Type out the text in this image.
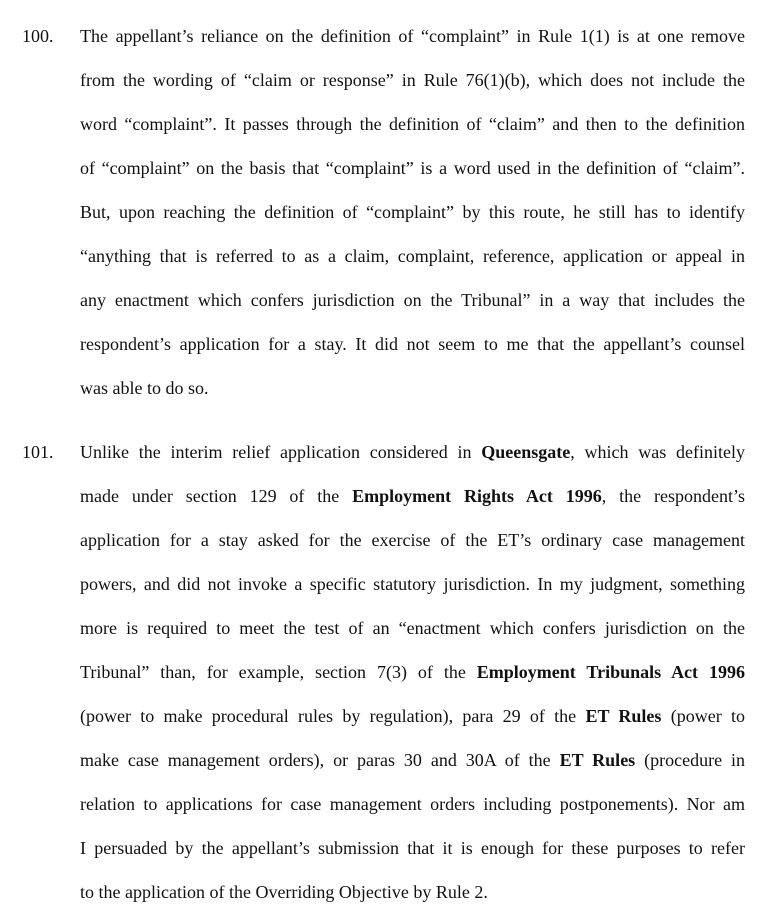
100. The appellant’s reliance on the definition of “complaint” in Rule 1(1) is at one remove
from the wording of “claim or response” in Rule 76(1)(b), which does not include the
word “complaint”. It passes through the definition of “claim” and then to the definition
of “complaint” on the basis that “complaint” is a word used in the definition of “claim”.
But, upon reaching the definition of “complaint” by this route, he still has to identify
“anything that is referred to as a claim, complaint, reference, application or appeal in
any enactment which confers jurisdiction on the Tribunal” in a way that includes the
respondent’s application for a stay. It did not seem to me that the appellant’s counsel
was able to do so.
101. Unlike the interim relief application considered in Queensgate, which was definitely
made under section 129 of the Employment Rights Act 1996, the respondent’s
application for a stay asked for the exercise of the ET’s ordinary case management
powers, and did not invoke a specific statutory jurisdiction. In my judgment, something
more is required to meet the test of an “enactment which confers jurisdiction on the
Tribunal” than, for example, section 7(3) of the Employment Tribunals Act 1996
(power to make procedural rules by regulation), para 29 of the ET Rules (power to
make case management orders), or paras 30 and 30A of the ET Rules (procedure in
relation to applications for case management orders including postponements). Nor am
I persuaded by the appellant’s submission that it is enough for these purposes to refer
to the application of the Overriding Objective by Rule 2.
